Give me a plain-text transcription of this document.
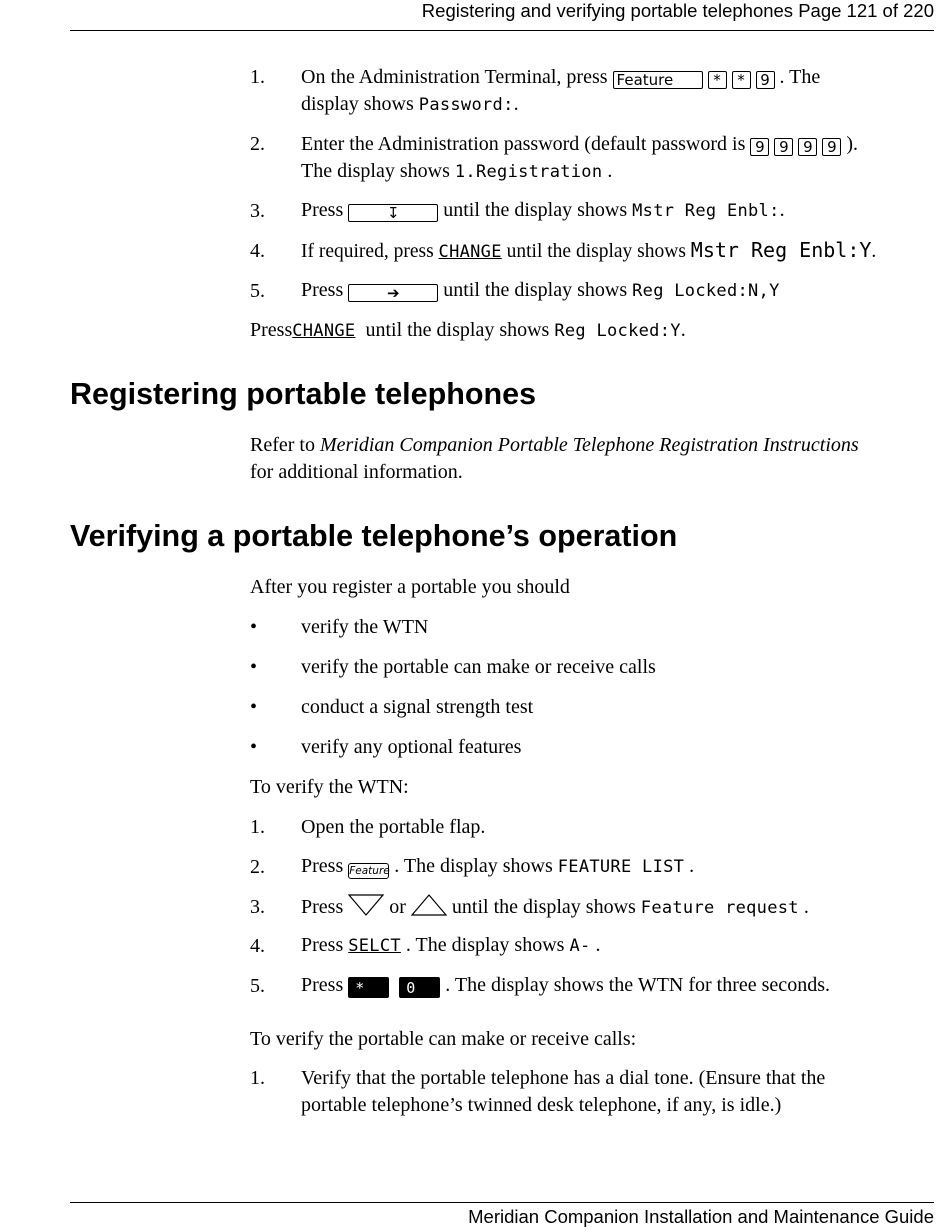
Registering and verifying portable telephones Page 121 of 220
1. On the Administration Terminal, press Feature	* * 9 . The
display shows Password:.
2. Enter the Administration password (default password is 9 9 9 9 ).
The display shows 1.Registration .
3. Press	↧ until the display shows Mstr Reg Enbl:.
4. If required, press CHANGE until the display shows Mstr Reg Enbl:Y.
5. Press	➔ until the display shows Reg Locked:N,Y
PressCHANGE until the display shows Reg Locked:Y.
Registering portable telephones
Refer to Meridian Companion Portable Telephone Registration Instructions
for additional information.
Verifying a portable telephone’s operation
After you register a portable you should
• verify the WTN
• verify the portable can make or receive calls
• conduct a signal strength test
• verify any optional features
To verify the WTN:
1. Open the portable flap.
2. Press Feature . The display shows FEATURE LIST .
3. Press or until the display shows Feature request .
4. Press SELCT . The display shows A- .
5. Press *	0 . The display shows the WTN for three seconds.
To verify the portable can make or receive calls:
1. Verify that the portable telephone has a dial tone. (Ensure that the
portable telephone’s twinned desk telephone, if any, is idle.)
Meridian Companion Installation and Maintenance Guide
